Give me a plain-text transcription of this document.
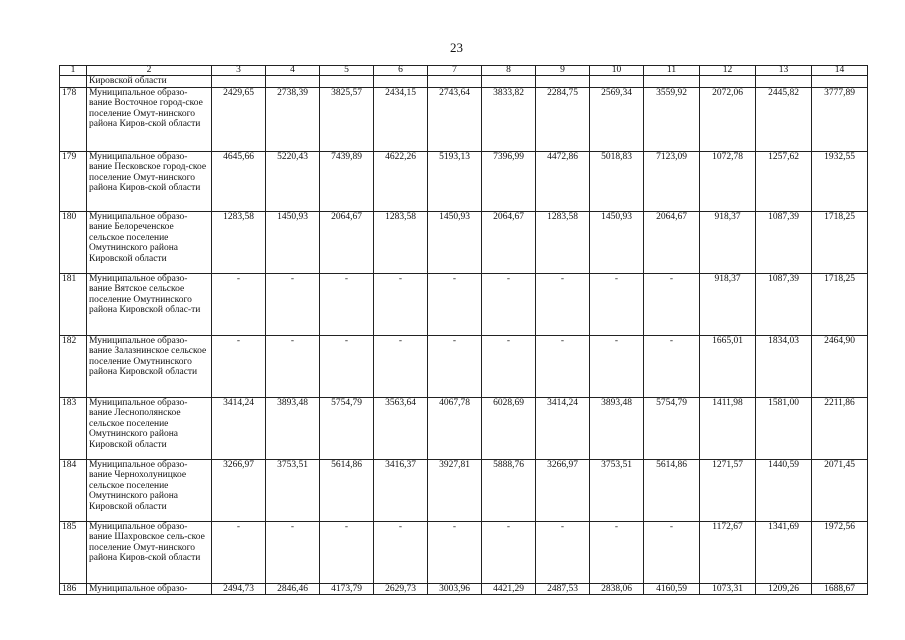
23
1	2	3	4	5	6	7	8	9	10	11	12	13	14
	Кировской области												
178	Муниципальное образо-вание Восточное город-ское поселение Омут-нинского района Киров-ской области	2429,65	2738,39	3825,57	2434,15	2743,64	3833,82	2284,75	2569,34	3559,92	2072,06	2445,82	3777,89
179	Муниципальное образо-вание Песковское город-ское поселение Омут-нинского района Киров-ской области	4645,66	5220,43	7439,89	4622,26	5193,13	7396,99	4472,86	5018,83	7123,09	1072,78	1257,62	1932,55
180	Муниципальное образо-вание Белореченское сельское поселение Омутнинского района Кировской области	1283,58	1450,93	2064,67	1283,58	1450,93	2064,67	1283,58	1450,93	2064,67	918,37	1087,39	1718,25
181	Муниципальное образо-вание Вятское сельское поселение Омутнинского района Кировской облас-ти	-	-	-	-	-	-	-	-	-	918,37	1087,39	1718,25
182	Муниципальное образо-вание Залазнинское сельское поселение Омутнинского района Кировской области	-	-	-	-	-	-	-	-	-	1665,01	1834,03	2464,90
183	Муниципальное образо-вание Леснополянское сельское поселение Омутнинского района Кировской области	3414,24	3893,48	5754,79	3563,64	4067,78	6028,69	3414,24	3893,48	5754,79	1411,98	1581,00	2211,86
184	Муниципальное образо-вание Чернохолуницкое сельское поселение Омутнинского района Кировской области	3266,97	3753,51	5614,86	3416,37	3927,81	5888,76	3266,97	3753,51	5614,86	1271,57	1440,59	2071,45
185	Муниципальное образо-вание Шахровское сель-ское поселение Омут-нинского района Киров-ской области	-	-	-	-	-	-	-	-	-	1172,67	1341,69	1972,56
186	Муниципальное образо-	2494,73	2846,46	4173,79	2629,73	3003,96	4421,29	2487,53	2838,06	4160,59	1073,31	1209,26	1688,67
